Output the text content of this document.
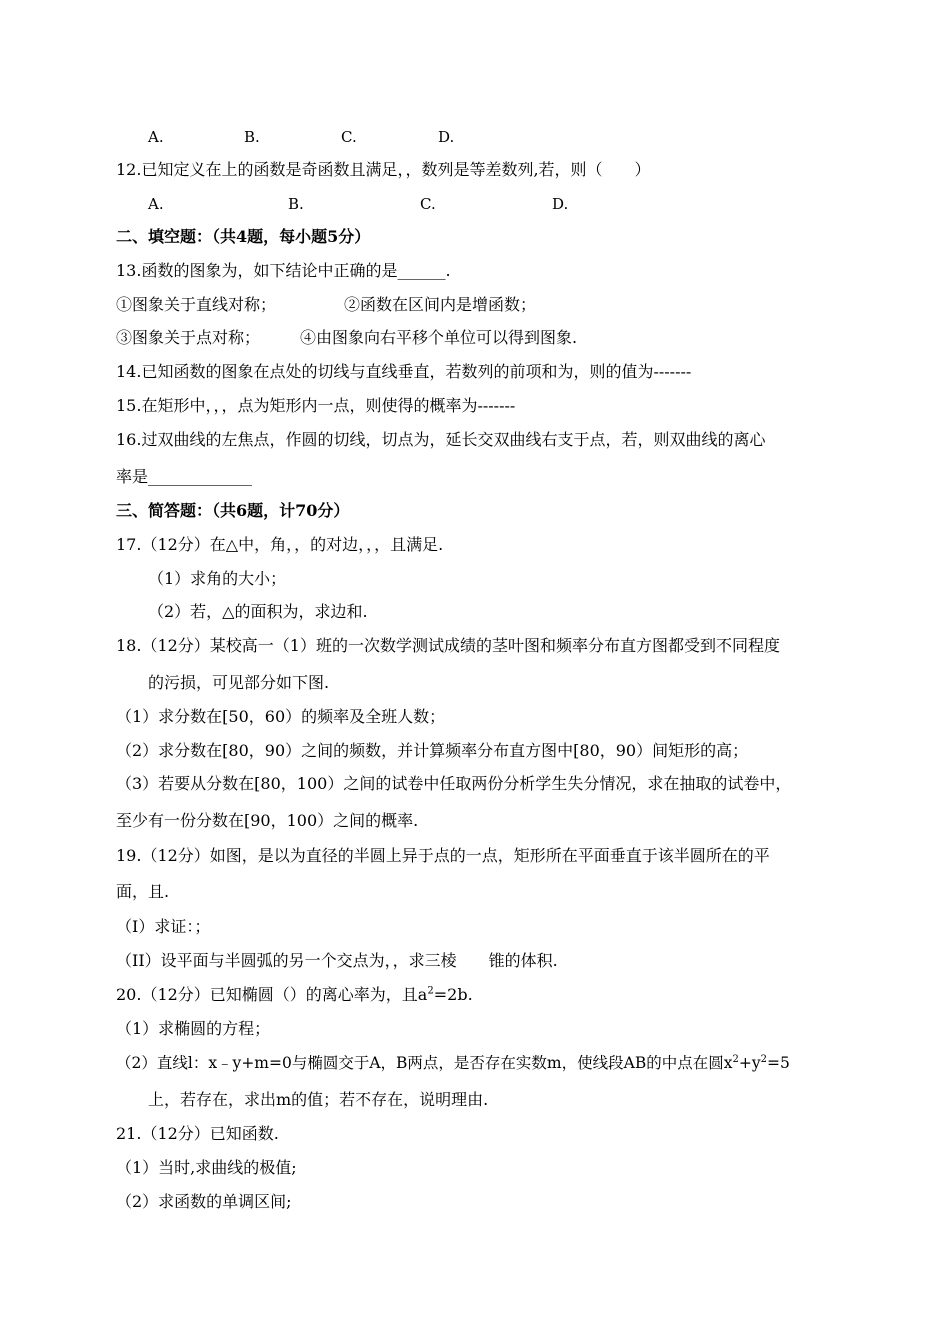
A.	B.	C.	D.
12.已知定义在上的函数是奇函数且满足，，数列是等差数列,若，则（　　）
A.	B.	C.	D.
二、填空题：（共4题，每小题5分）
13.函数的图象为，如下结论中正确的是______.
①图象关于直线对称；	②函数在区间内是增函数；
③图象关于点对称； ④由图象向右平移个单位可以得到图象.
14.已知函数的图象在点处的切线与直线垂直，若数列的前项和为，则的值为-------
15.在矩形中，，，点为矩形内一点，则使得的概率为-------
16.过双曲线的左焦点，作圆的切线，切点为，延长交双曲线右支于点，若，则双曲线的离心
率是_____________
三、简答题：（共6题，计70分）
17.（12分）在△中，角，，的对边，，，且满足.
（1）求角的大小；
（2）若，△的面积为，求边和.
18.（12分）某校高一（1）班的一次数学测试成绩的茎叶图和频率分布直方图都受到不同程度
的污损，可见部分如下图.
（1）求分数在[50，60）的频率及全班人数；
（2）求分数在[80，90）之间的频数，并计算频率分布直方图中[80，90）间矩形的高；
（3）若要从分数在[80，100）之间的试卷中任取两份分析学生失分情况，求在抽取的试卷中，
至少有一份分数在[90，100）之间的概率.
19.（12分）如图，是以为直径的半圆上异于点的一点，矩形所在平面垂直于该半圆所在的平
面，且.
（I）求证：；
（II）设平面与半圆弧的另一个交点为，，求三棱　　锥的体积.
20.（12分）已知椭圆（）的离心率为，且$a^2=2b$.
（1）求椭圆的方程；
（2）直线l：x﹣y+m=0与椭圆交于A，B两点，是否存在实数m，使线段AB的中点在圆$x^2+y^2=5$
上，若存在，求出m的值；若不存在，说明理由.
21.（12分）已知函数.
（1）当时,求曲线的极值;
（2）求函数的单调区间;
